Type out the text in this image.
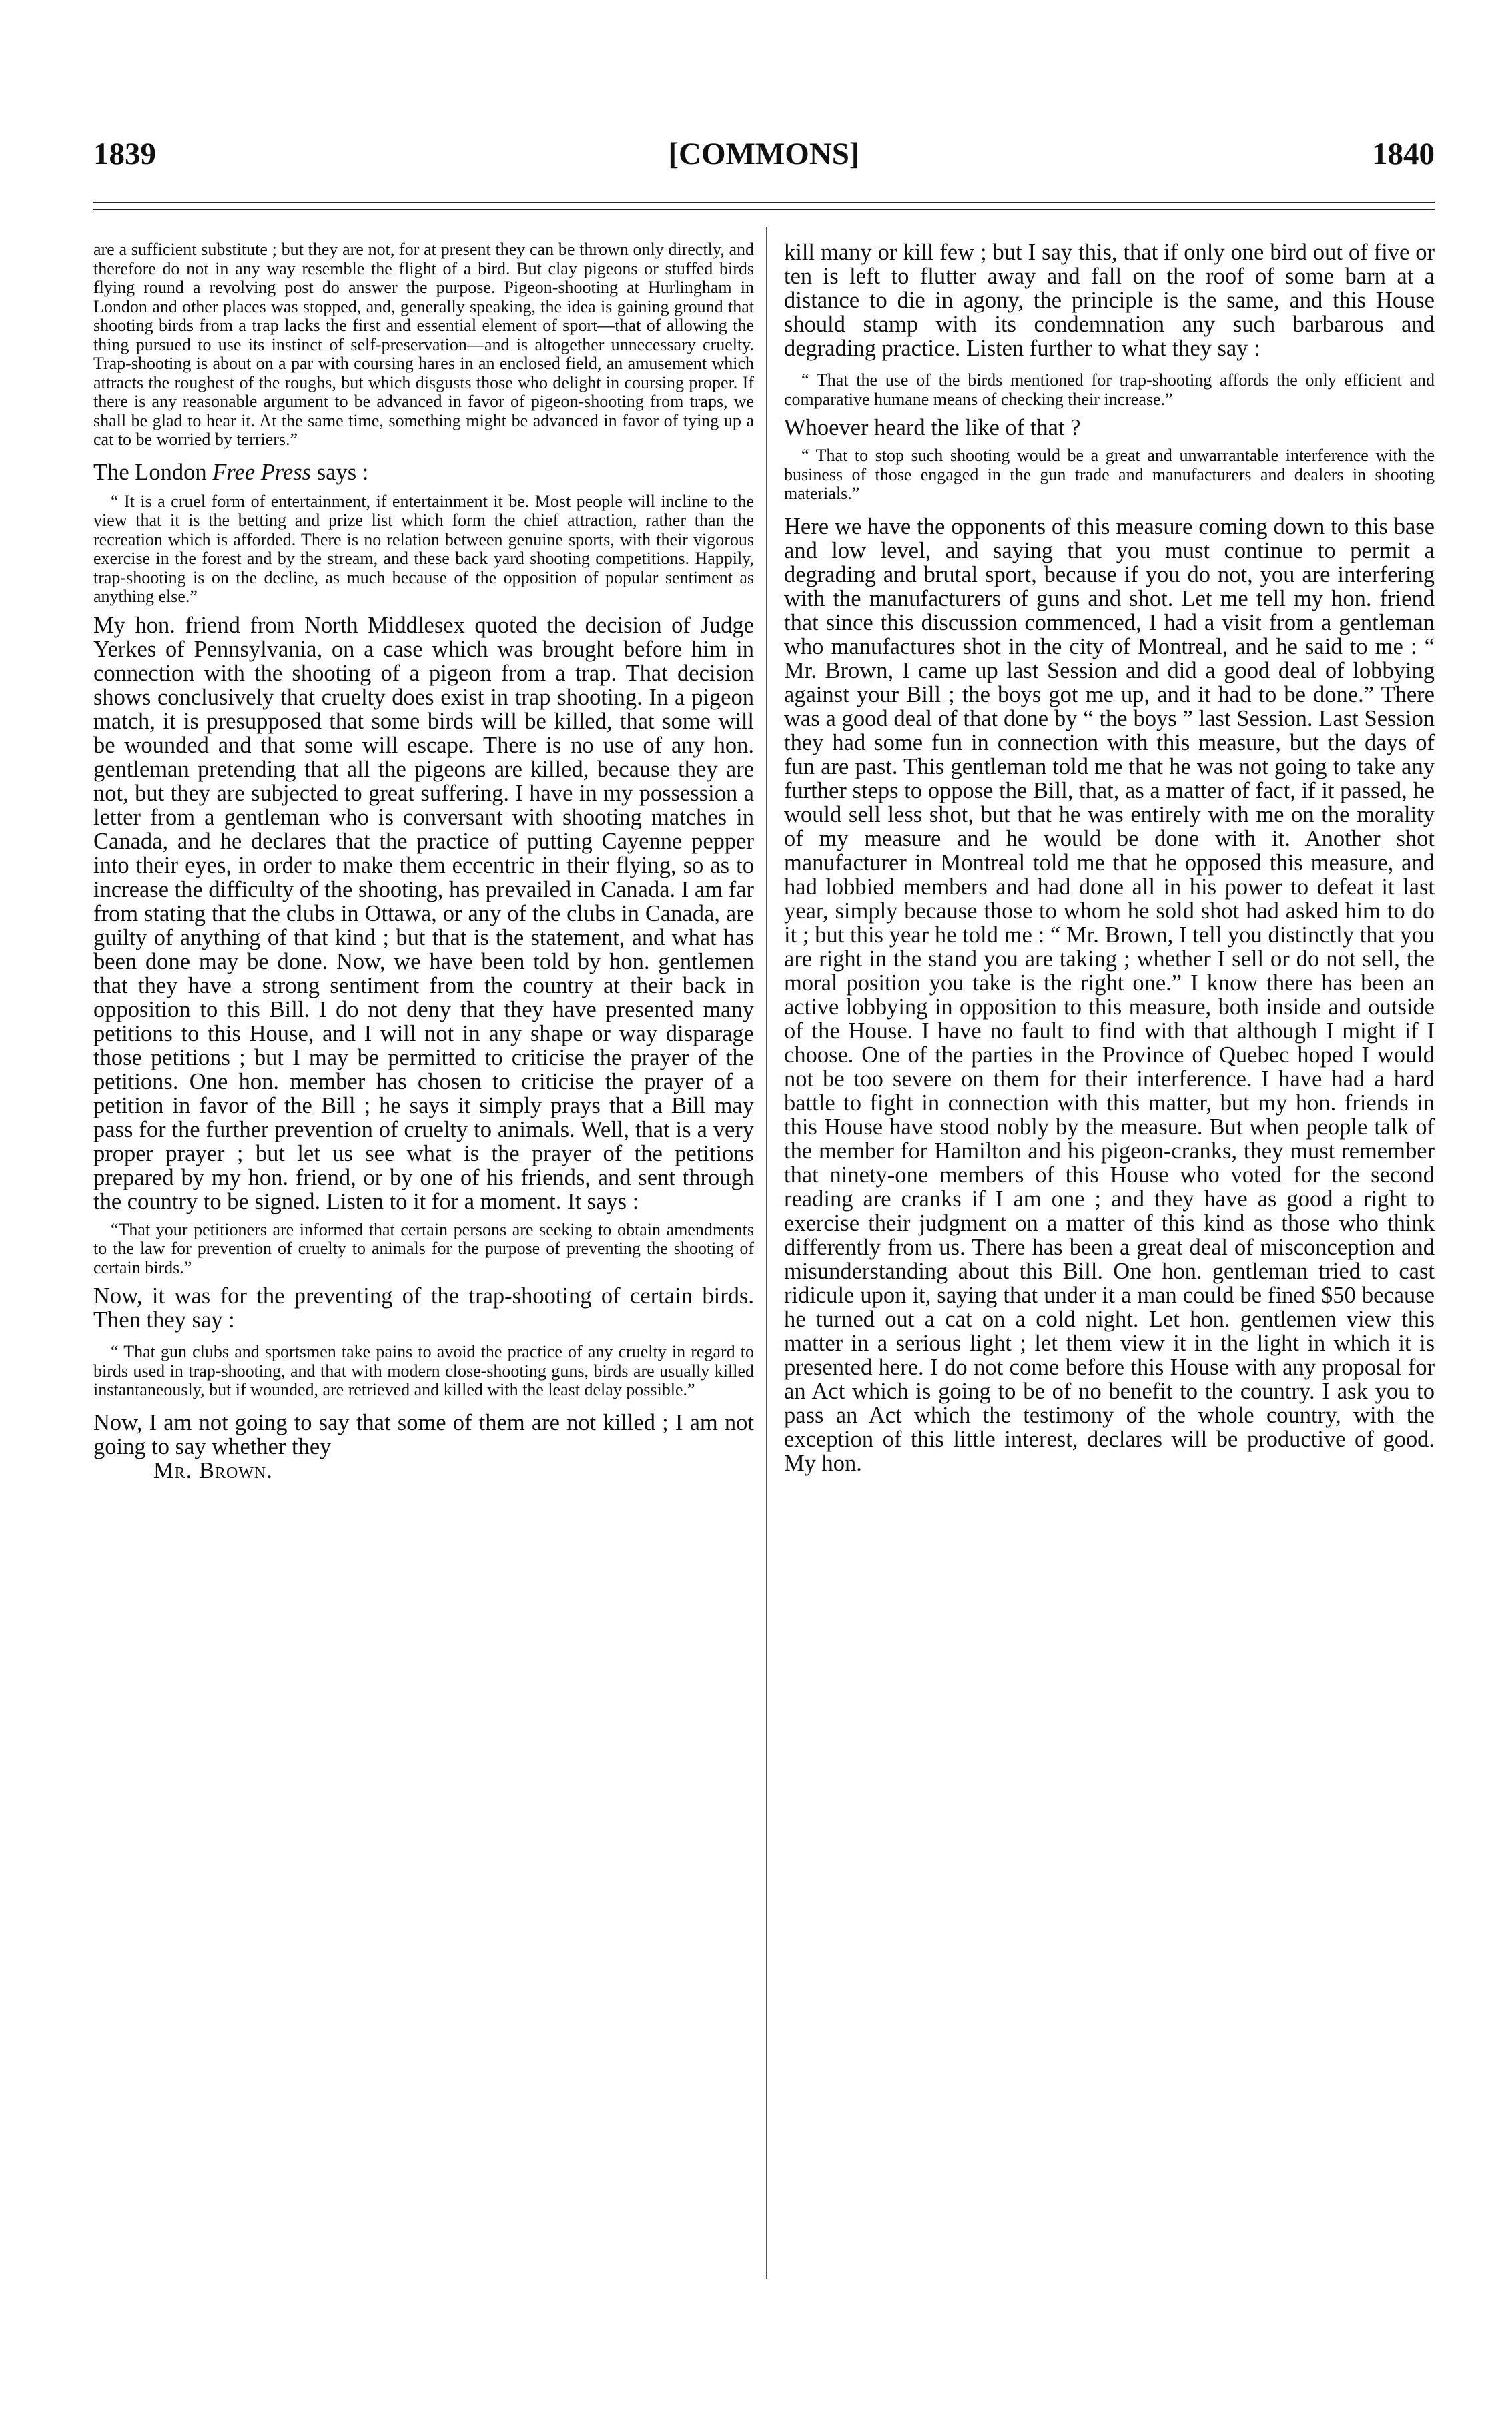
1839	[COMMONS]	1840

are a sufficient substitute ; but they are not, for at present they can be thrown only directly, and therefore do not in any way resemble the flight of a bird. But clay pigeons or stuffed birds flying round a revolving post do answer the purpose. Pigeon-shooting at Hurlingham in London and other places was stopped, and, generally speaking, the idea is gaining ground that shooting birds from a trap lacks the first and essential element of sport—that of allowing the thing pursued to use its instinct of self-preservation—and is altogether unnecessary cruelty. Trap-shooting is about on a par with coursing hares in an enclosed field, an amusement which attracts the roughest of the roughs, but which disgusts those who delight in coursing proper. If there is any reasonable argument to be advanced in favor of pigeon-shooting from traps, we shall be glad to hear it. At the same time, something might be advanced in favor of tying up a cat to be worried by terriers.”

The London Free Press says :

“ It is a cruel form of entertainment, if entertainment it be. Most people will incline to the view that it is the betting and prize list which form the chief attraction, rather than the recreation which is afforded. There is no relation between genuine sports, with their vigorous exercise in the forest and by the stream, and these back yard shooting competitions. Happily, trap-shooting is on the decline, as much because of the opposition of popular sentiment as anything else.”

My hon. friend from North Middlesex quoted the decision of Judge Yerkes of Pennsylvania, on a case which was brought before him in connection with the shooting of a pigeon from a trap. That decision shows conclusively that cruelty does exist in trap shooting. In a pigeon match, it is presupposed that some birds will be killed, that some will be wounded and that some will escape. There is no use of any hon. gentleman pretending that all the pigeons are killed, because they are not, but they are subjected to great suffering. I have in my possession a letter from a gentleman who is conversant with shooting matches in Canada, and he declares that the practice of putting Cayenne pepper into their eyes, in order to make them eccentric in their flying, so as to increase the difficulty of the shooting, has prevailed in Canada. I am far from stating that the clubs in Ottawa, or any of the clubs in Canada, are guilty of anything of that kind ; but that is the statement, and what has been done may be done. Now, we have been told by hon. gentlemen that they have a strong sentiment from the country at their back in opposition to this Bill. I do not deny that they have presented many petitions to this House, and I will not in any shape or way disparage those petitions ; but I may be permitted to criticise the prayer of the petitions. One hon. member has chosen to criticise the prayer of a petition in favor of the Bill ; he says it simply prays that a Bill may pass for the further prevention of cruelty to animals. Well, that is a very proper prayer ; but let us see what is the prayer of the petitions prepared by my hon. friend, or by one of his friends, and sent through the country to be signed. Listen to it for a moment. It says :

“That your petitioners are informed that certain persons are seeking to obtain amendments to the law for prevention of cruelty to animals for the purpose of preventing the shooting of certain birds.”

Now, it was for the preventing of the trap-shooting of certain birds. Then they say :

“ That gun clubs and sportsmen take pains to avoid the practice of any cruelty in regard to birds used in trap-shooting, and that with modern close-shooting guns, birds are usually killed instantaneously, but if wounded, are retrieved and killed with the least delay possible.”

Now, I am not going to say that some of them are not killed ; I am not going to say whether they

Mr. Brown.

kill many or kill few ; but I say this, that if only one bird out of five or ten is left to flutter away and fall on the roof of some barn at a distance to die in agony, the principle is the same, and this House should stamp with its condemnation any such barbarous and degrading practice. Listen further to what they say :

“ That the use of the birds mentioned for trap-shooting affords the only efficient and comparative humane means of checking their increase.”

Whoever heard the like of that ?

“ That to stop such shooting would be a great and unwarrantable interference with the business of those engaged in the gun trade and manufacturers and dealers in shooting materials.”

Here we have the opponents of this measure coming down to this base and low level, and saying that you must continue to permit a degrading and brutal sport, because if you do not, you are interfering with the manufacturers of guns and shot. Let me tell my hon. friend that since this discussion commenced, I had a visit from a gentleman who manufactures shot in the city of Montreal, and he said to me : “ Mr. Brown, I came up last Session and did a good deal of lobbying against your Bill ; the boys got me up, and it had to be done.” There was a good deal of that done by “ the boys ” last Session. Last Session they had some fun in connection with this measure, but the days of fun are past. This gentleman told me that he was not going to take any further steps to oppose the Bill, that, as a matter of fact, if it passed, he would sell less shot, but that he was entirely with me on the morality of my measure and he would be done with it. Another shot manufacturer in Montreal told me that he opposed this measure, and had lobbied members and had done all in his power to defeat it last year, simply because those to whom he sold shot had asked him to do it ; but this year he told me : “ Mr. Brown, I tell you distinctly that you are right in the stand you are taking ; whether I sell or do not sell, the moral position you take is the right one.” I know there has been an active lobbying in opposition to this measure, both inside and outside of the House. I have no fault to find with that although I might if I choose. One of the parties in the Province of Quebec hoped I would not be too severe on them for their interference. I have had a hard battle to fight in connection with this matter, but my hon. friends in this House have stood nobly by the measure. But when people talk of the member for Hamilton and his pigeon-cranks, they must remember that ninety-one members of this House who voted for the second reading are cranks if I am one ; and they have as good a right to exercise their judgment on a matter of this kind as those who think differently from us. There has been a great deal of misconception and misunderstanding about this Bill. One hon. gentleman tried to cast ridicule upon it, saying that under it a man could be fined $50 because he turned out a cat on a cold night. Let hon. gentlemen view this matter in a serious light ; let them view it in the light in which it is presented here. I do not come before this House with any proposal for an Act which is going to be of no benefit to the country. I ask you to pass an Act which the testimony of the whole country, with the exception of this little interest, declares will be productive of good. My hon.
